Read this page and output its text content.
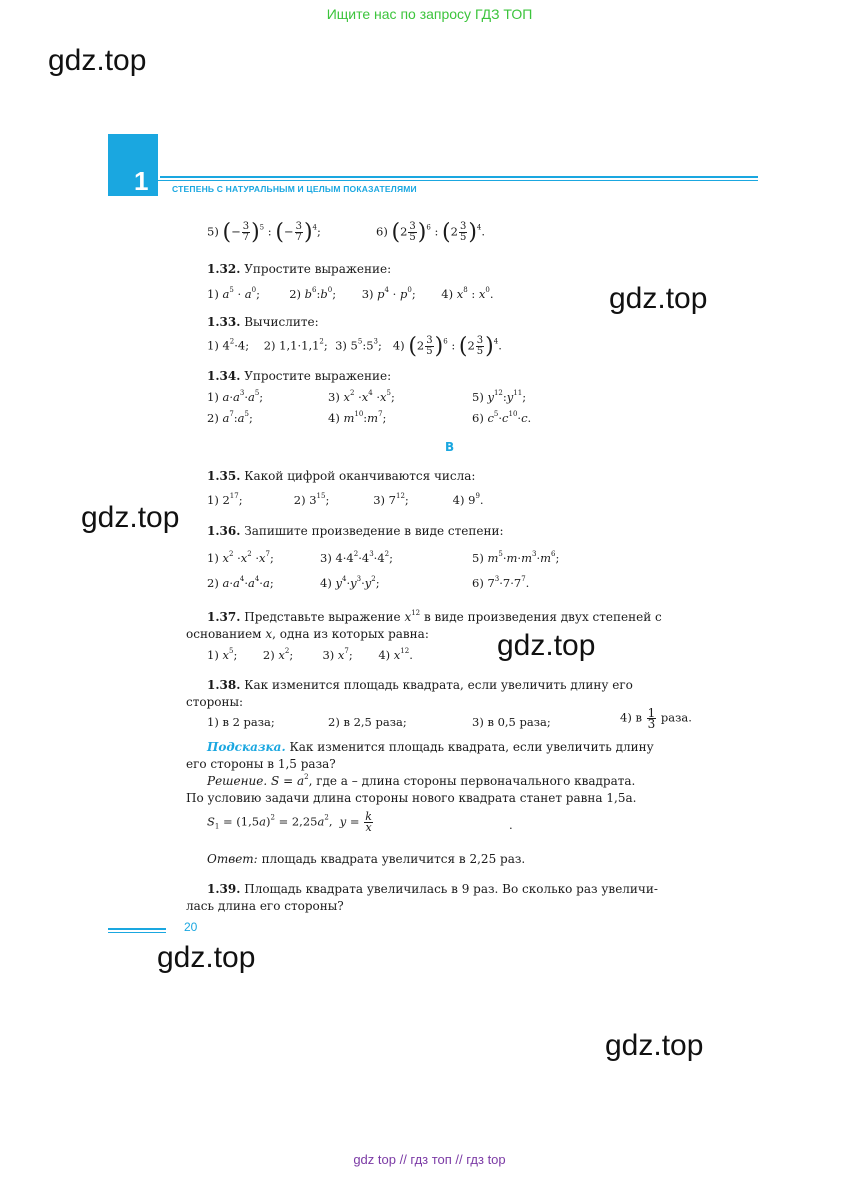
Ищите нас по запросу ГДЗ ТОП
gdz.top
gdz.top
gdz.top
gdz.top
gdz.top
gdz.top
1	СТЕПЕНЬ С НАТУРАЛЬНЫМ И ЦЕЛЫМ ПОКАЗАТЕЛЯМИ
5) (− $\frac{3}{7} )^5$ : (− $\frac{3}{7} )^4$;	6) $(2 \frac{3}{5} )^6$ : $(2 \frac{3}{5} )^4$.
1.32. Упростите выражение:
1) $a^5 \cdot a^0$;        2) $b^6:b^0$;       3) $p^4 \cdot p^0$;       4) $x^8$ : $x^0$.
1.33. Вычислите:
1) $4^2\cdot 4$;    2) $1,1\cdot 1,1^2$;  3) $5^5:5^3$;   4) $(2 \frac{3}{5} )^6$ : $(2 \frac{3}{5} )^4$.
1.34. Упростите выражение:
1) $a\cdot a^3\cdot a^5$;	3) $x^2 \cdot x^4 \cdot x^5$;	5) $y^{12}:y^{11}$;
2) $a^7:a^5$;	4) $m^{10}:m^7$;	6) $c^5\cdot c^{10}\cdot c$.
B
1.35. Какой цифрой оканчиваются числа:
1) $2^{17}$;              2) $3^{15}$;            3) $7^{12}$;            4) $9^9$.
1.36. Запишите произведение в виде степени:
1) $x^2 \cdot x^2 \cdot x^7$;	3) $4\cdot 4^2\cdot 4^3\cdot 4^2$;	5) $m^5\cdot m\cdot m^3\cdot m^6$;
2) $a\cdot a^4\cdot a^4\cdot a$;	4) $y^4\cdot y^3\cdot y^2$;	6) $7^3\cdot 7\cdot 7^7$.
1.37. Представьте выражение $x^{12}$ в виде произведения двух степеней с
основанием x, одна из которых равна:
1) $x^5$;       2) $x^2$;        3) $x^7$;       4) $x^{12}$.
1.38. Как изменится площадь квадрата, если увеличить длину его
стороны:
1) в 2 раза;	2) в 2,5 раза;	3) в 0,5 раза;	4) в $\frac{1}{3}$ раза.
Подсказка. Как изменится площадь квадрата, если увеличить длину
его стороны в 1,5 раза?
Решение. $S = a^2$, где a – длина стороны первоначального квадрата.
По условию задачи длина стороны нового квадрата станет равна 1,5a.
$S_1 = (1,5a)^2 = 2,25a^2$,  $y = \frac{k}{x}$	.
Ответ: площадь квадрата увеличится в 2,25 раз.
1.39. Площадь квадрата увеличилась в 9 раз. Во сколько раз увеличи-
лась длина его стороны?
20
gdz top // гдз топ // гдз top
